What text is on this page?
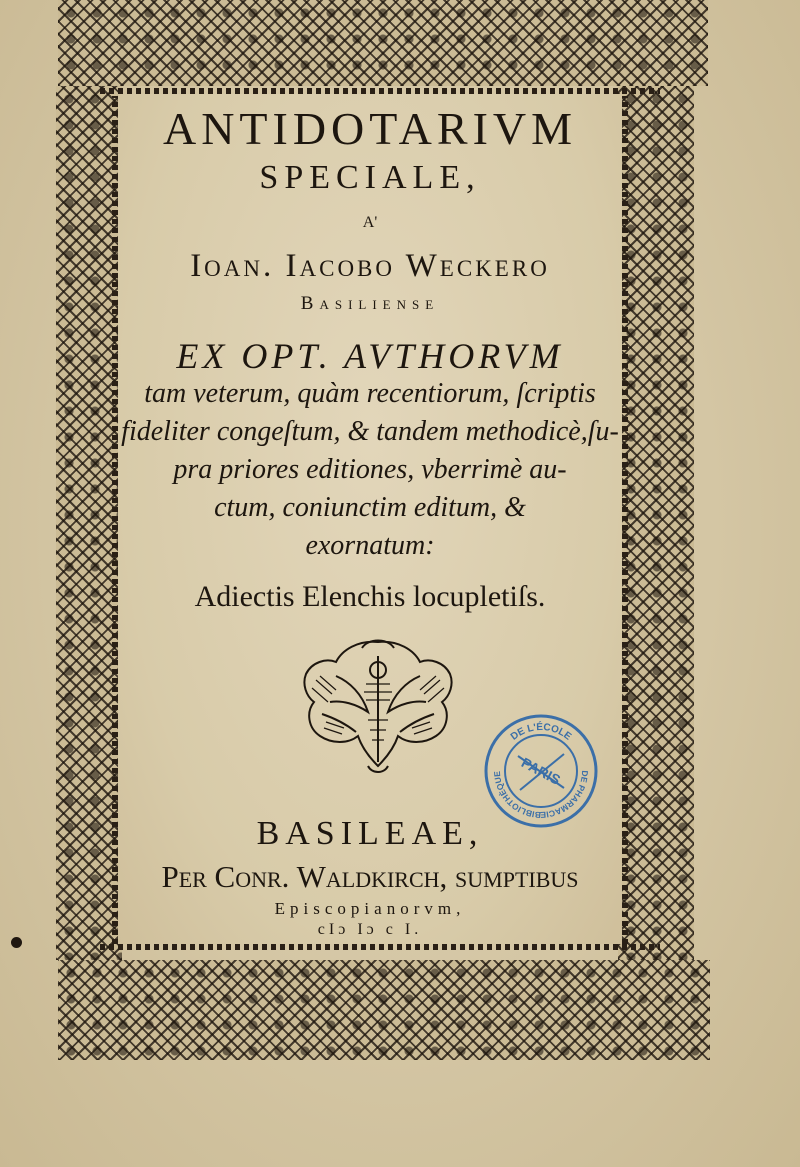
ANTIDOTARIVM
SPECIALE,
A'
Ioan. Iacobo Weckero
Basiliense
EX OPT. AVTHORVM
tam veterum, quàm recentiorum, ſcriptis
fideliter congeſtum, & tandem methodicè,ſu-
pra priores editiones, vberrimè au-
ctum, coniunctim editum, &
exornatum:
Adiectis Elenchis locupletiſs.
DE L'ÉCOLE
BIBLIOTHÈQUE	DE PHARMACIE
PARIS
BASILEAE,
Per Conr. Waldkirch, ſumptibus
Episcopianorvm,
cIɔ Iɔ c I.
